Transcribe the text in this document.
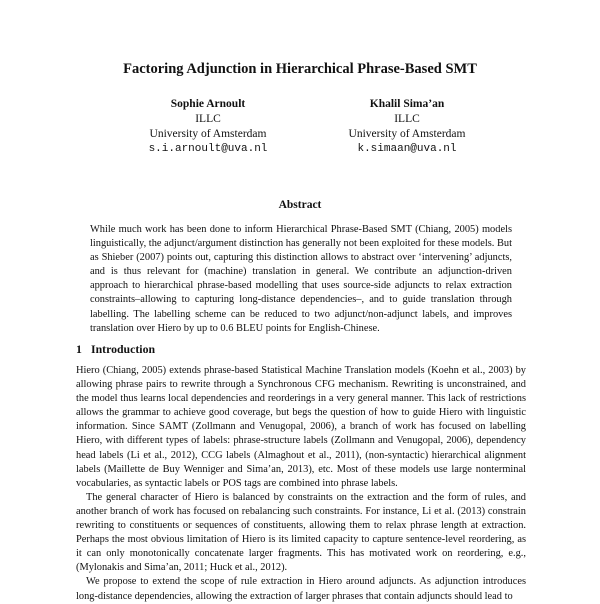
Factoring Adjunction in Hierarchical Phrase-Based SMT
Sophie Arnoult
ILLC
University of Amsterdam
s.i.arnoult@uva.nl
Khalil Sima’an
ILLC
University of Amsterdam
k.simaan@uva.nl
Abstract
While much work has been done to inform Hierarchical Phrase-Based SMT (Chiang, 2005) models linguistically, the adjunct/argument distinction has generally not been exploited for these models. But as Shieber (2007) points out, capturing this distinction allows to abstract over ‘intervening’ adjuncts, and is thus relevant for (machine) translation in general. We contribute an adjunction-driven approach to hierarchical phrase-based modelling that uses source-side adjuncts to relax extraction constraints–allowing to capturing long-distance dependencies–, and to guide translation through labelling. The labelling scheme can be reduced to two adjunct/non-adjunct labels, and improves translation over Hiero by up to 0.6 BLEU points for English-Chinese.
1 Introduction

Hiero (Chiang, 2005) extends phrase-based Statistical Machine Translation models (Koehn et al., 2003) by allowing phrase pairs to rewrite through a Synchronous CFG mechanism. Rewriting is unconstrained, and the model thus learns local dependencies and reorderings in a very general manner. This lack of restrictions allows the grammar to achieve good coverage, but begs the question of how to guide Hiero with linguistic information. Since SAMT (Zollmann and Venugopal, 2006), a branch of work has focused on labelling Hiero, with different types of labels: phrase-structure labels (Zollmann and Venugopal, 2006), dependency head labels (Li et al., 2012), CCG labels (Almaghout et al., 2011), (non-syntactic) hierarchical alignment labels (Maillette de Buy Wenniger and Sima’an, 2013), etc. Most of these models use large nonterminal vocabularies, as syntactic labels or POS tags are combined into phrase labels.

The general character of Hiero is balanced by constraints on the extraction and the form of rules, and another branch of work has focused on rebalancing such constraints. For instance, Li et al. (2013) constrain rewriting to constituents or sequences of constituents, allowing them to relax phrase length at extraction. Perhaps the most obvious limitation of Hiero is its limited capacity to capture sentence-level reordering, as it can only monotonically concatenate larger fragments. This has motivated work on reordering, e.g., (Mylonakis and Sima’an, 2011; Huck et al., 2012).

We propose to extend the scope of rule extraction in Hiero around adjuncts. As adjunction introduces long-distance dependencies, allowing the extraction of larger phrases that contain adjuncts should lead to
